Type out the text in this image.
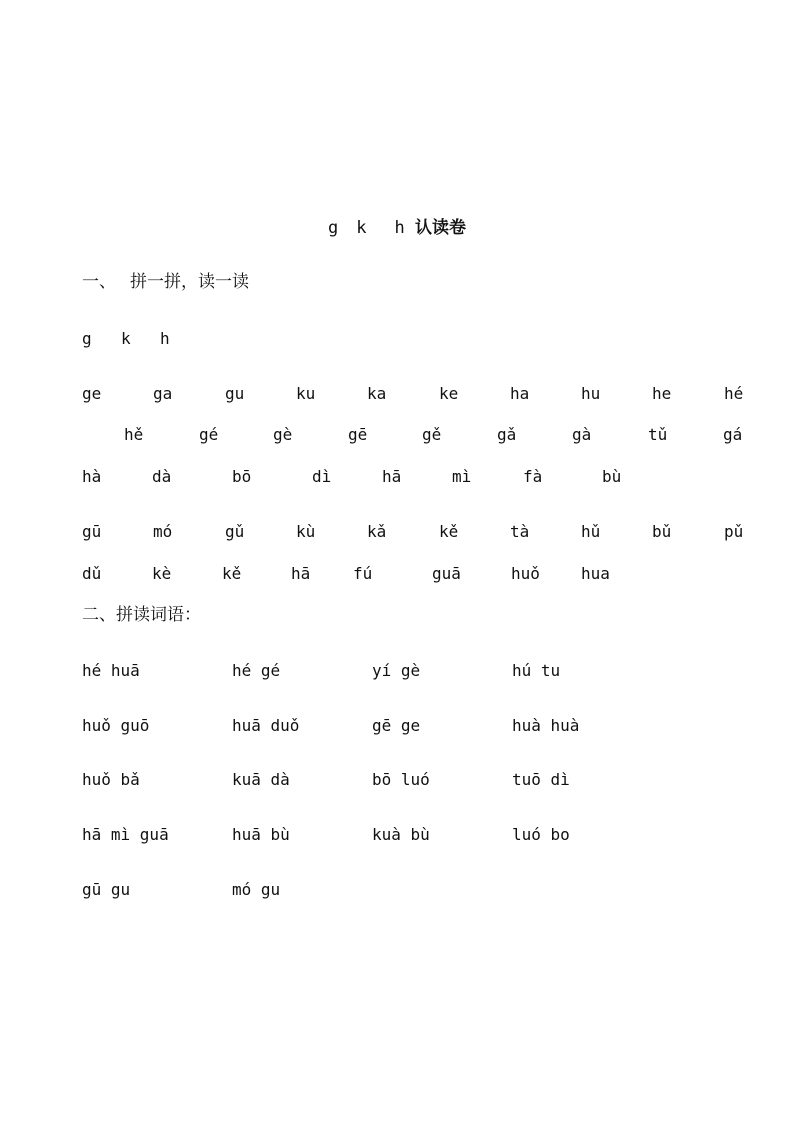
g k h 认读卷
一、 拼一拼，读一读
g k h
ge	ga	gu	ku	ka	ke	ha	hu	he	hé
hě	gé	gè	gē	gě	gǎ	gà	tǔ	gá
hà	dà	bō	dì	hā	mì	fà	bù
gū	mó	gǔ	kù	kǎ	kě	tà	hǔ	bǔ	pǔ
dǔ	kè	kě	hā	fú	guā	huǒ	hua
二、拼读词语：
hé huā	hé gé	yí gè	hú tu
huǒ guō	huā duǒ	gē ge	huà huà
huǒ bǎ	kuā dà	bō luó	tuō dì
hā mì guā	huā bù	kuà bù	luó bo
gū gu	mó gu
